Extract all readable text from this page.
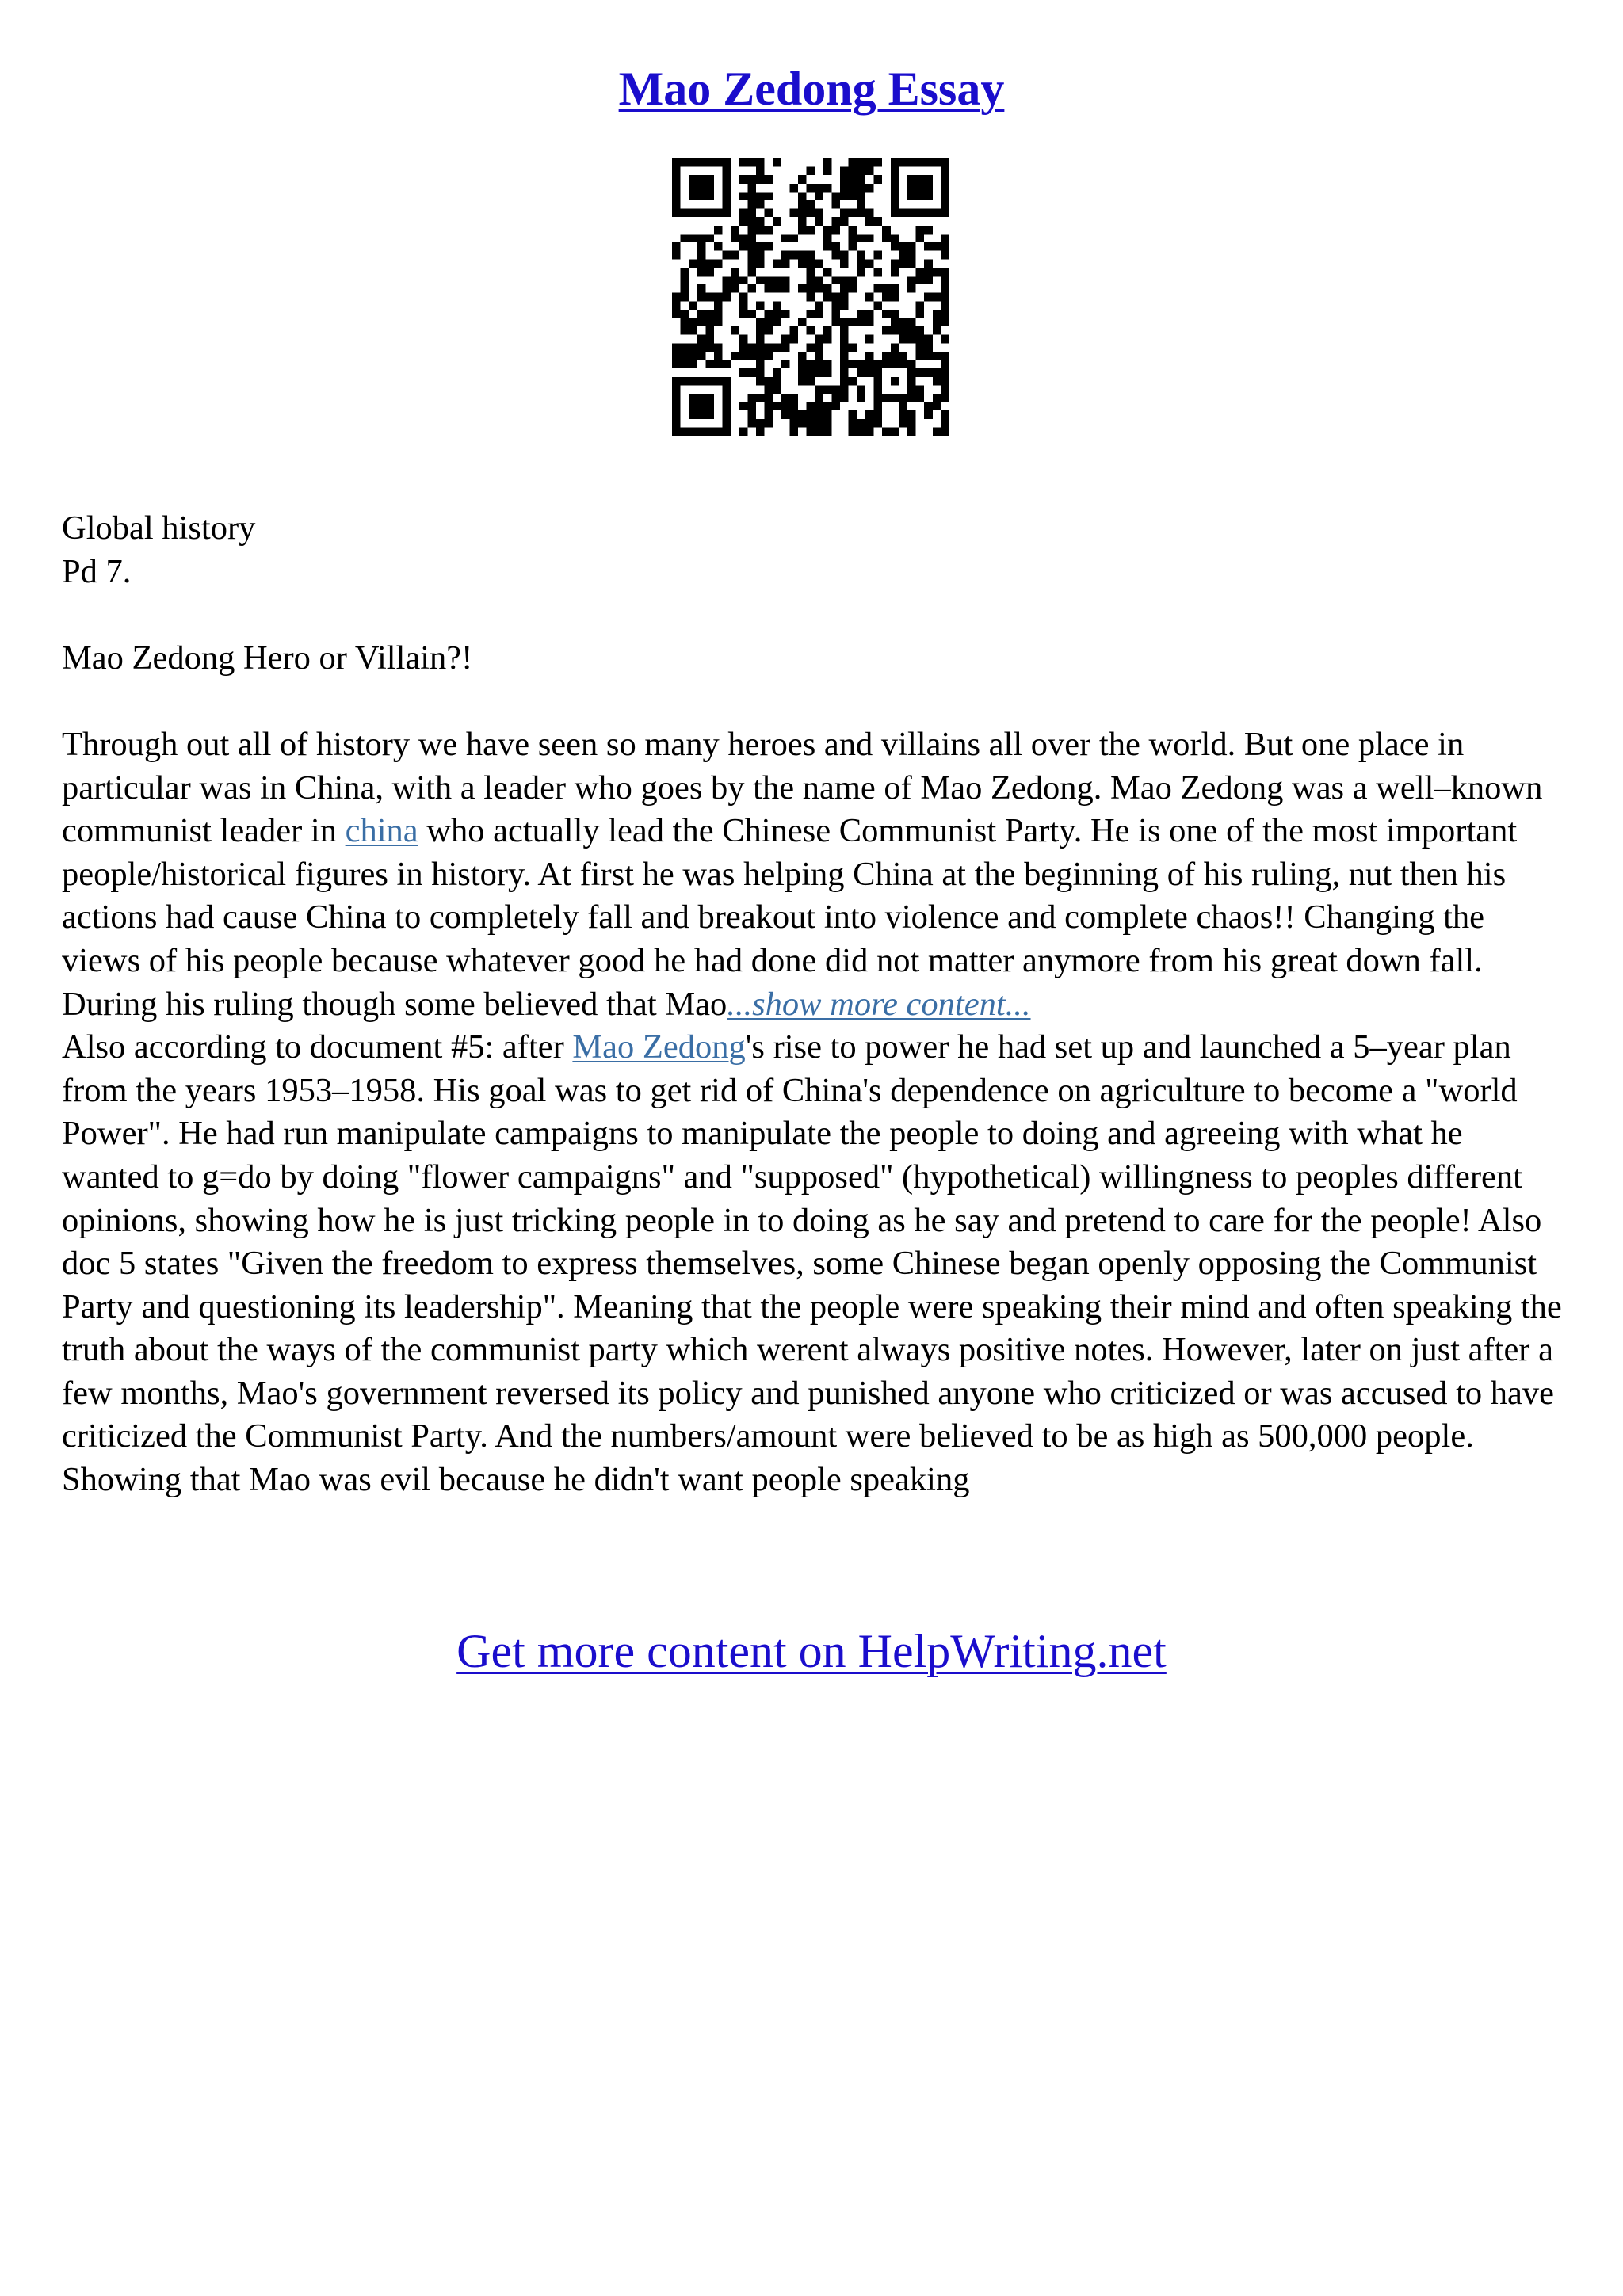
Mao Zedong Essay

Global history

Pd 7.

Mao Zedong Hero or Villain?!

Through out all of history we have seen so many heroes and villains all over the world. But one place in particular was in China, with a leader who goes by the name of Mao Zedong. Mao Zedong was a well–known communist leader in china who actually lead the Chinese Communist Party. He is one of the most important people/historical figures in history. At first he was helping China at the beginning of his ruling, nut then his actions had cause China to completely fall and breakout into violence and complete chaos!! Changing the views of his people because whatever good he had done did not matter anymore from his great down fall. During his ruling though some believed that Mao...show more content...

Also according to document #5: after Mao Zedong's rise to power he had set up and launched a 5–year plan from the years 1953–1958. His goal was to get rid of China's dependence on agriculture to become a "world Power". He had run manipulate campaigns to manipulate the people to doing and agreeing with what he wanted to g=do by doing "flower campaigns" and "supposed" (hypothetical) willingness to peoples different opinions, showing how he is just tricking people in to doing as he say and pretend to care for the people! Also doc 5 states "Given the freedom to express themselves, some Chinese began openly opposing the Communist Party and questioning its leadership". Meaning that the people were speaking their mind and often speaking the truth about the ways of the communist party which werent always positive notes. However, later on just after a few months, Mao's government reversed its policy and punished anyone who criticized or was accused to have criticized the Communist Party. And the numbers/amount were believed to be as high as 500,000 people. Showing that Mao was evil because he didn't want people speaking

Get more content on HelpWriting.net
